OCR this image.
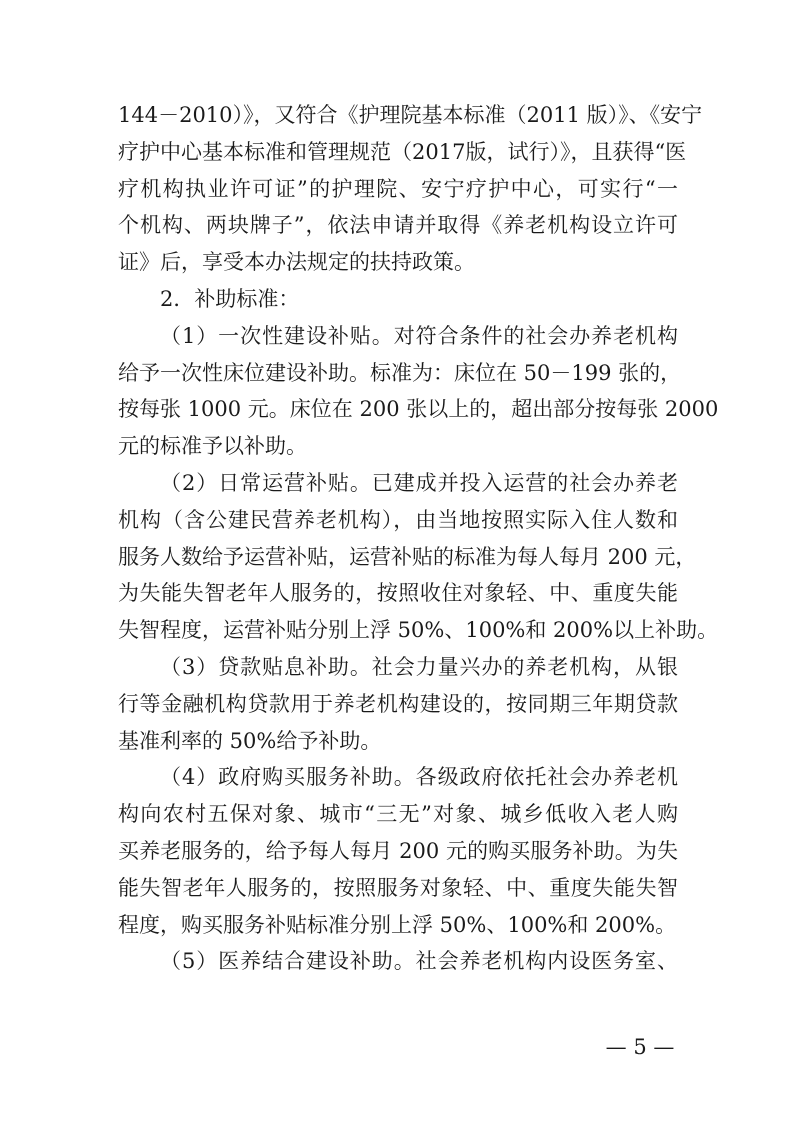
144－2010）》，又符合《护理院基本标准（2011 版）》、《安宁
疗护中心基本标准和管理规范（2017版，试行）》，且获得“医
疗机构执业许可证”的护理院、安宁疗护中心，可实行“一
个机构、两块牌子”，依法申请并取得《养老机构设立许可
证》后，享受本办法规定的扶持政策。
2．补助标准：
（1）一次性建设补贴。对符合条件的社会办养老机构
给予一次性床位建设补助。标准为：床位在 50－199 张的，
按每张 1000 元。床位在 200 张以上的，超出部分按每张 2000
元的标准予以补助。
（2）日常运营补贴。已建成并投入运营的社会办养老
机构（含公建民营养老机构），由当地按照实际入住人数和
服务人数给予运营补贴，运营补贴的标准为每人每月 200 元，
为失能失智老年人服务的，按照收住对象轻、中、重度失能
失智程度，运营补贴分别上浮 50%、100%和 200%以上补助。
（3）贷款贴息补助。社会力量兴办的养老机构，从银
行等金融机构贷款用于养老机构建设的，按同期三年期贷款
基准利率的 50%给予补助。
（4）政府购买服务补助。各级政府依托社会办养老机
构向农村五保对象、城市“三无”对象、城乡低收入老人购
买养老服务的，给予每人每月 200 元的购买服务补助。为失
能失智老年人服务的，按照服务对象轻、中、重度失能失智
程度，购买服务补贴标准分别上浮 50%、100%和 200%。
（5）医养结合建设补助。社会养老机构内设医务室、
— 5 —
